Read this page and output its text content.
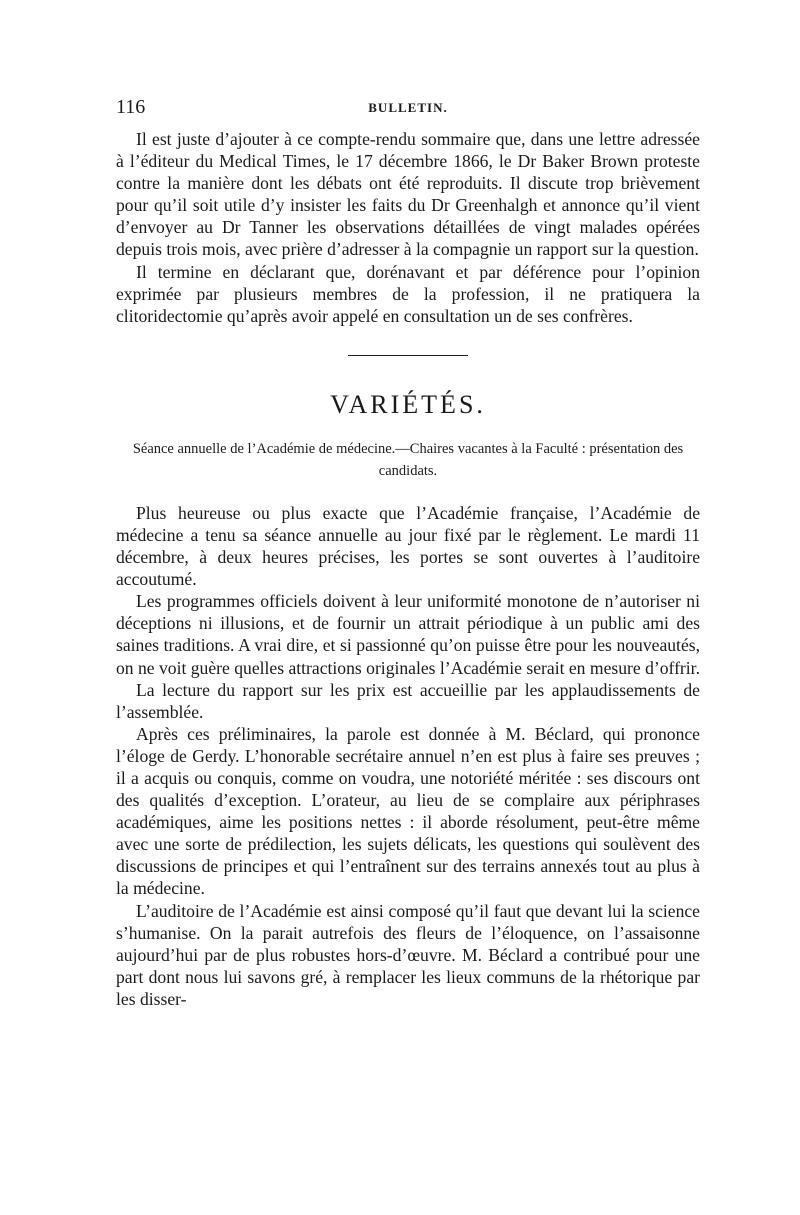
116	BULLETIN.

Il est juste d’ajouter à ce compte-rendu sommaire que, dans une lettre adressée à l’éditeur du Medical Times, le 17 décembre 1866, le Dr Baker Brown proteste contre la manière dont les débats ont été reproduits. Il discute trop brièvement pour qu’il soit utile d’y insister les faits du Dr Greenhalgh et annonce qu’il vient d’envoyer au Dr Tanner les observations détaillées de vingt malades opérées depuis trois mois, avec prière d’adresser à la compagnie un rapport sur la question.

Il termine en déclarant que, dorénavant et par déférence pour l’opinion exprimée par plusieurs membres de la profession, il ne pratiquera la clitoridectomie qu’après avoir appelé en consultation un de ses confrères.

VARIÉTÉS.
Séance annuelle de l’Académie de médecine.—Chaires vacantes à la Faculté : présentation des candidats.

Plus heureuse ou plus exacte que l’Académie française, l’Académie de médecine a tenu sa séance annuelle au jour fixé par le règlement. Le mardi 11 décembre, à deux heures précises, les portes se sont ouvertes à l’auditoire accoutumé.

Les programmes officiels doivent à leur uniformité monotone de n’autoriser ni déceptions ni illusions, et de fournir un attrait périodique à un public ami des saines traditions. A vrai dire, et si passionné qu’on puisse être pour les nouveautés, on ne voit guère quelles attractions originales l’Académie serait en mesure d’offrir.

La lecture du rapport sur les prix est accueillie par les applaudissements de l’assemblée.

Après ces préliminaires, la parole est donnée à M. Béclard, qui prononce l’éloge de Gerdy. L’honorable secrétaire annuel n’en est plus à faire ses preuves ; il a acquis ou conquis, comme on voudra, une notoriété méritée : ses discours ont des qualités d’exception. L’orateur, au lieu de se complaire aux périphrases académiques, aime les positions nettes : il aborde résolument, peut-être même avec une sorte de prédilection, les sujets délicats, les questions qui soulèvent des discussions de principes et qui l’entraînent sur des terrains annexés tout au plus à la médecine.

L’auditoire de l’Académie est ainsi composé qu’il faut que devant lui la science s’humanise. On la parait autrefois des fleurs de l’éloquence, on l’assaisonne aujourd’hui par de plus robustes hors-d’œuvre. M. Béclard a contribué pour une part dont nous lui savons gré, à remplacer les lieux communs de la rhétorique par les disser-
